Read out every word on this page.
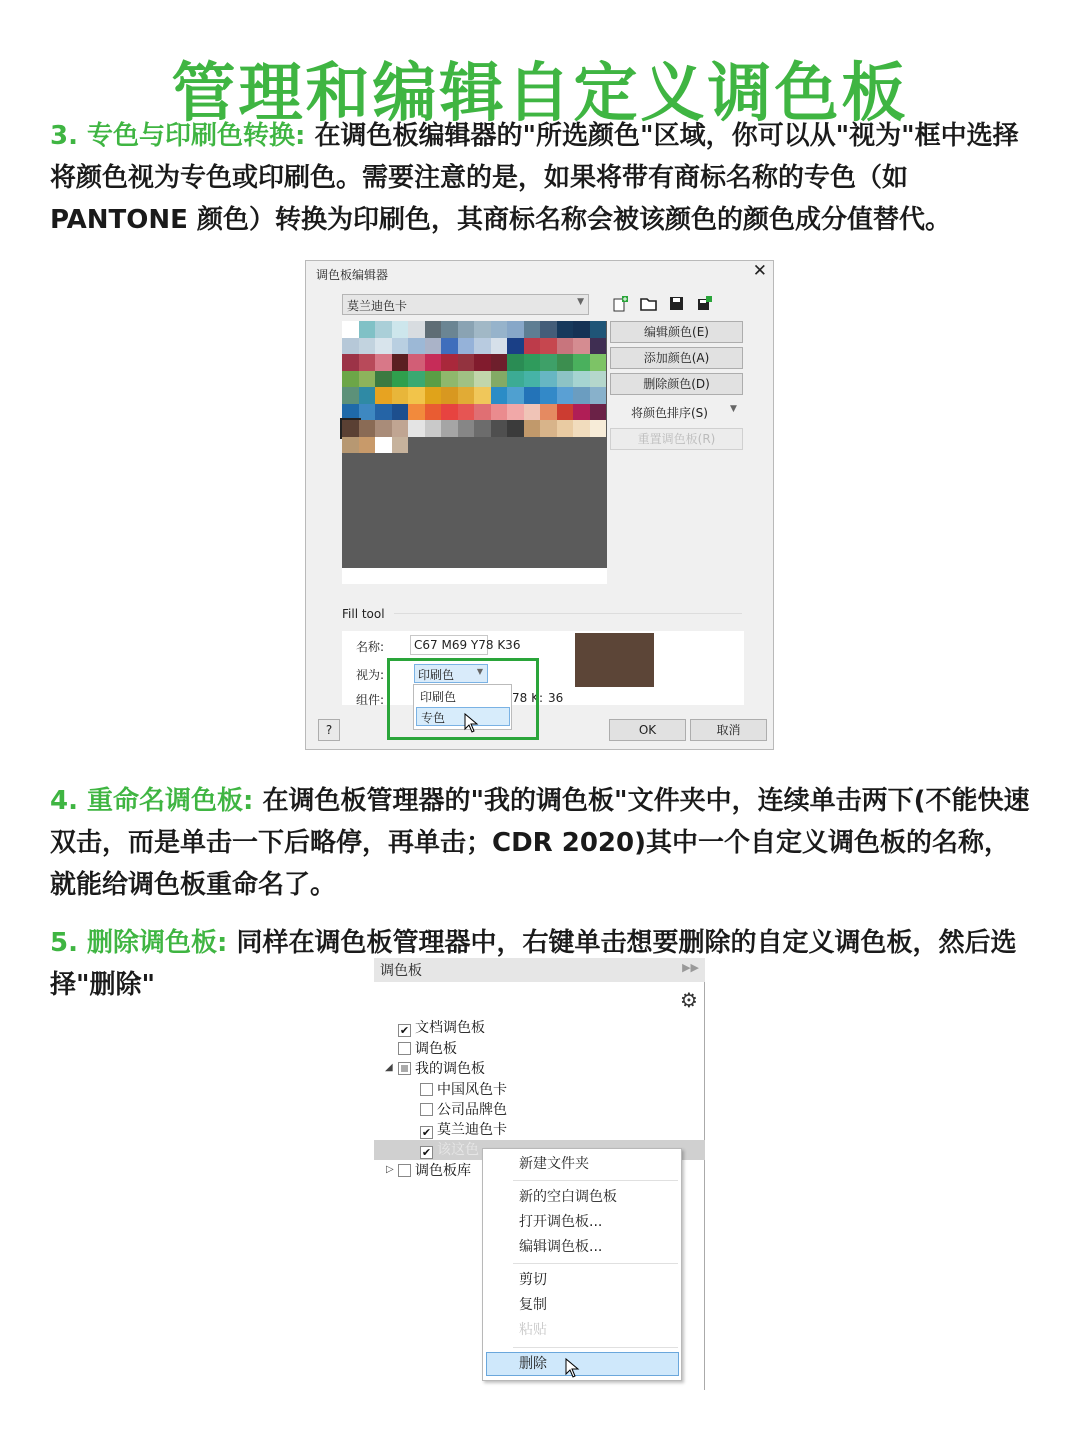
管理和编辑自定义调色板
3. 专色与印刷色转换: 在调色板编辑器的"所选颜色"区域，你可以从"视为"框中选择将颜色视为专色或印刷色。需要注意的是，如果将带有商标名称的专色（如PANTONE 颜色）转换为印刷色，其商标名称会被该颜色的颜色成分值替代。
调色板编辑器	✕
莫兰迪色卡	▼
编辑颜色(E)
添加颜色(A)
删除颜色(D)
将颜色排序(S) ▼
重置调色板(R)
Fill tool
名称:	C67 M69 Y78 K36
视为:	印刷色	▼
组件:	78 K: 36
印刷色
专色
?	OK	取消
4. 重命名调色板: 在调色板管理器的"我的调色板"文件夹中，连续单击两下(不能快速双击，而是单击一下后略停，再单击；CDR 2020)其中一个自定义调色板的名称，就能给调色板重命名了。
5. 删除调色板: 同样在调色板管理器中，右键单击想要删除的自定义调色板，然后选择"删除"	调色板	▶▶
⚙
✔ 文档调色板
调色板
◢	我的调色板
中国风色卡
公司品牌色
✔ 莫兰迪色卡
✔ 该这色
▷	调色板库	新建文件夹
新的空白调色板
打开调色板...
编辑调色板...
剪切
复制
粘贴
删除
